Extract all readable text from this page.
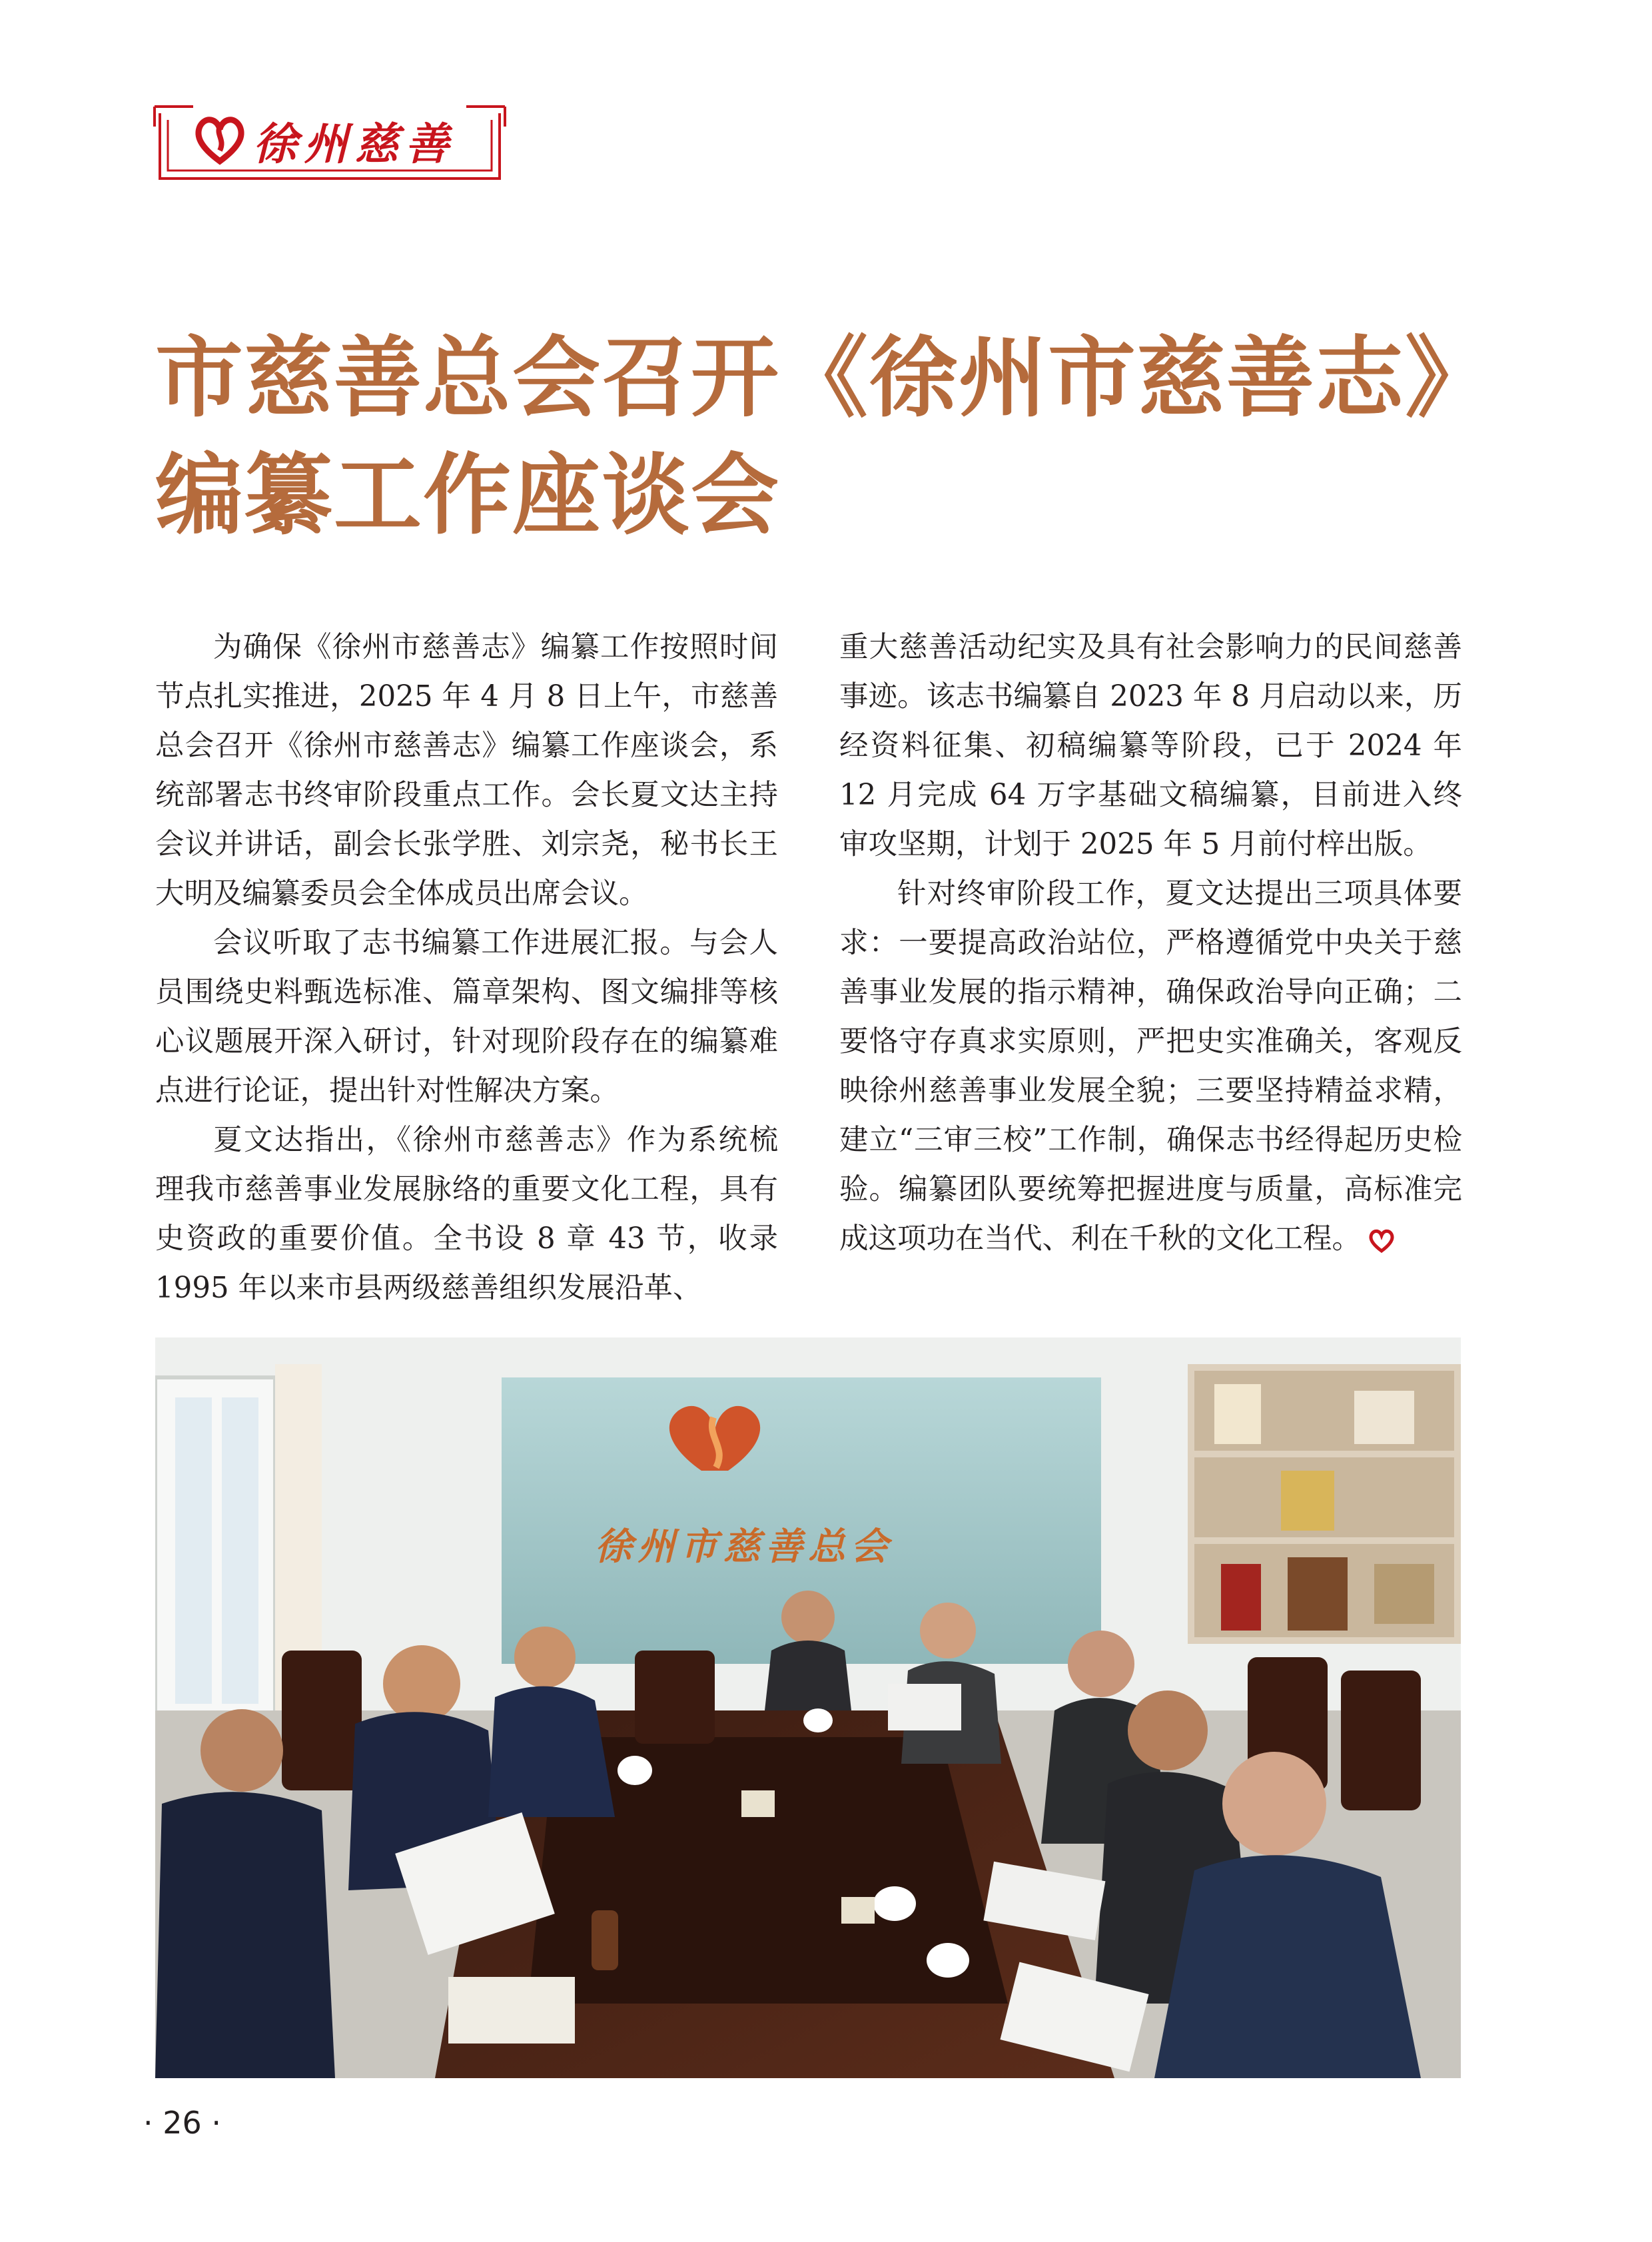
徐州慈善
市慈善总会召开《徐州市慈善志》
编纂工作座谈会

为确保《徐州市慈善志》编纂工作按照时间节点扎实推进，2025 年 4 月 8 日上午，市慈善总会召开《徐州市慈善志》编纂工作座谈会，系统部署志书终审阶段重点工作。会长夏文达主持会议并讲话，副会长张学胜、刘宗尧，秘书长王大明及编纂委员会全体成员出席会议。

会议听取了志书编纂工作进展汇报。与会人员围绕史料甄选标准、篇章架构、图文编排等核心议题展开深入研讨，针对现阶段存在的编纂难点进行论证，提出针对性解决方案。

夏文达指出，《徐州市慈善志》作为系统梳理我市慈善事业发展脉络的重要文化工程，具有史资政的重要价值。全书设 8 章 43 节，收录 1995 年以来市县两级慈善组织发展沿革、

重大慈善活动纪实及具有社会影响力的民间慈善事迹。该志书编纂自 2023 年 8 月启动以来，历经资料征集、初稿编纂等阶段，已于 2024 年 12 月完成 64 万字基础文稿编纂，目前进入终审攻坚期，计划于 2025 年 5 月前付梓出版。

针对终审阶段工作，夏文达提出三项具体要求：一要提高政治站位，严格遵循党中央关于慈善事业发展的指示精神，确保政治导向正确；二要恪守存真求实原则，严把史实准确关，客观反映徐州慈善事业发展全貌；三要坚持精益求精，建立“三审三校”工作制，确保志书经得起历史检验。编纂团队要统筹把握进度与质量，高标准完成这项功在当代、利在千秋的文化工程。

徐州市慈善总会
· 26 ·
